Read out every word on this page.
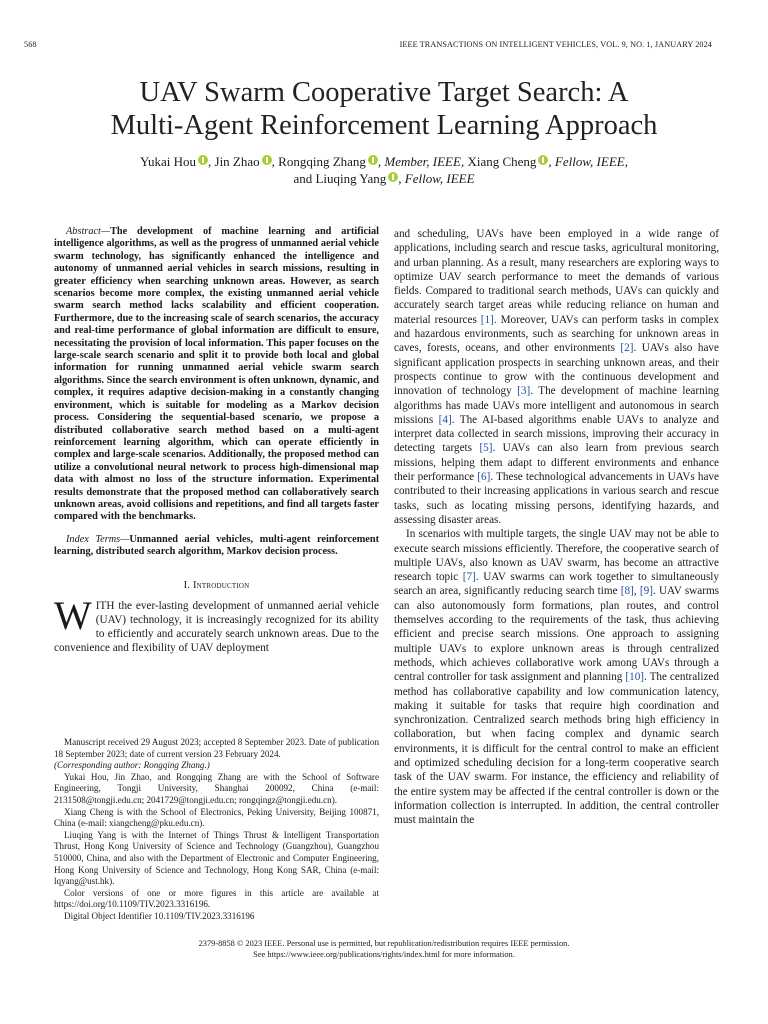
568	IEEE TRANSACTIONS ON INTELLIGENT VEHICLES, VOL. 9, NO. 1, JANUARY 2024
UAV Swarm Cooperative Target Search: A
Multi-Agent Reinforcement Learning Approach
Yukai Hou , Jin Zhao , Rongqing Zhang , Member, IEEE, Xiang Cheng , Fellow, IEEE,
and Liuqing Yang , Fellow, IEEE

Abstract—The development of machine learning and artificial intelligence algorithms, as well as the progress of unmanned aerial vehicle swarm technology, has significantly enhanced the intelligence and autonomy of unmanned aerial vehicles in search missions, resulting in greater efficiency when searching unknown areas. However, as search scenarios become more complex, the existing unmanned aerial vehicle swarm search method lacks scalability and efficient cooperation. Furthermore, due to the increasing scale of search scenarios, the accuracy and real-time performance of global information are difficult to ensure, necessitating the provision of local information. This paper focuses on the large-scale search scenario and split it to provide both local and global information for running unmanned aerial vehicle swarm search algorithms. Since the search environment is often unknown, dynamic, and complex, it requires adaptive decision-making in a constantly changing environment, which is suitable for modeling as a Markov decision process. Considering the sequential-based scenario, we propose a distributed collaborative search method based on a multi-agent reinforcement learning algorithm, which can operate efficiently in complex and large-scale scenarios. Additionally, the proposed method can utilize a convolutional neural network to process high-dimensional map data with almost no loss of the structure information. Experimental results demonstrate that the proposed method can collaboratively search unknown areas, avoid collisions and repetitions, and find all targets faster compared with the benchmarks.

Index Terms—Unmanned aerial vehicles, multi-agent reinforcement learning, distributed search algorithm, Markov decision process.

I. Introduction

WITH the ever-lasting development of unmanned aerial vehicle (UAV) technology, it is increasingly recognized for its ability to efficiently and accurately search unknown areas. Due to the convenience and flexibility of UAV deployment

Manuscript received 29 August 2023; accepted 8 September 2023. Date of publication 18 September 2023; date of current version 23 February 2024.

(Corresponding author: Rongqing Zhang.)

Yukai Hou, Jin Zhao, and Rongqing Zhang are with the School of Software Engineering, Tongji University, Shanghai 200092, China (e-mail: 2131508@tongji.edu.cn; 2041729@tongji.edu.cn; rongqingz@tongji.edu.cn).

Xiang Cheng is with the School of Electronics, Peking University, Beijing 100871, China (e-mail: xiangcheng@pku.edu.cn).

Liuqing Yang is with the Internet of Things Thrust & Intelligent Transportation Thrust, Hong Kong University of Science and Technology (Guangzhou), Guangzhou 510000, China, and also with the Department of Electronic and Computer Engineering, Hong Kong University of Science and Technology, Hong Kong SAR, China (e-mail: lqyang@ust.hk).

Color versions of one or more figures in this article are available at https://doi.org/10.1109/TIV.2023.3316196.

Digital Object Identifier 10.1109/TIV.2023.3316196

and scheduling, UAVs have been employed in a wide range of applications, including search and rescue tasks, agricultural monitoring, and urban planning. As a result, many researchers are exploring ways to optimize UAV search performance to meet the demands of various fields. Compared to traditional search methods, UAVs can quickly and accurately search target areas while reducing reliance on human and material resources [1]. Moreover, UAVs can perform tasks in complex and hazardous environments, such as searching for unknown areas in caves, forests, oceans, and other environments [2]. UAVs also have significant application prospects in searching unknown areas, and their prospects continue to grow with the continuous development and innovation of technology [3]. The development of machine learning algorithms has made UAVs more intelligent and autonomous in search missions [4]. The AI-based algorithms enable UAVs to analyze and interpret data collected in search missions, improving their accuracy in detecting targets [5]. UAVs can also learn from previous search missions, helping them adapt to different environments and enhance their performance [6]. These technological advancements in UAVs have contributed to their increasing applications in various search and rescue tasks, such as locating missing persons, identifying hazards, and assessing disaster areas.

In scenarios with multiple targets, the single UAV may not be able to execute search missions efficiently. Therefore, the cooperative search of multiple UAVs, also known as UAV swarm, has become an attractive research topic [7]. UAV swarms can work together to simultaneously search an area, significantly reducing search time [8], [9]. UAV swarms can also autonomously form formations, plan routes, and control themselves according to the requirements of the task, thus achieving efficient and precise search missions. One approach to assigning multiple UAVs to explore unknown areas is through centralized methods, which achieves collaborative work among UAVs through a central controller for task assignment and planning [10]. The centralized method has collaborative capability and low communication latency, making it suitable for tasks that require high coordination and synchronization. Centralized search methods bring high efficiency in collaboration, but when facing complex and dynamic search environments, it is difficult for the central control to make an efficient and optimized scheduling decision for a long-term cooperative search task of the UAV swarm. For instance, the efficiency and reliability of the entire system may be affected if the central controller is down or the information collection is interrupted. In addition, the central controller must maintain the

2379-8858 © 2023 IEEE. Personal use is permitted, but republication/redistribution requires IEEE permission.
See https://www.ieee.org/publications/rights/index.html for more information.
